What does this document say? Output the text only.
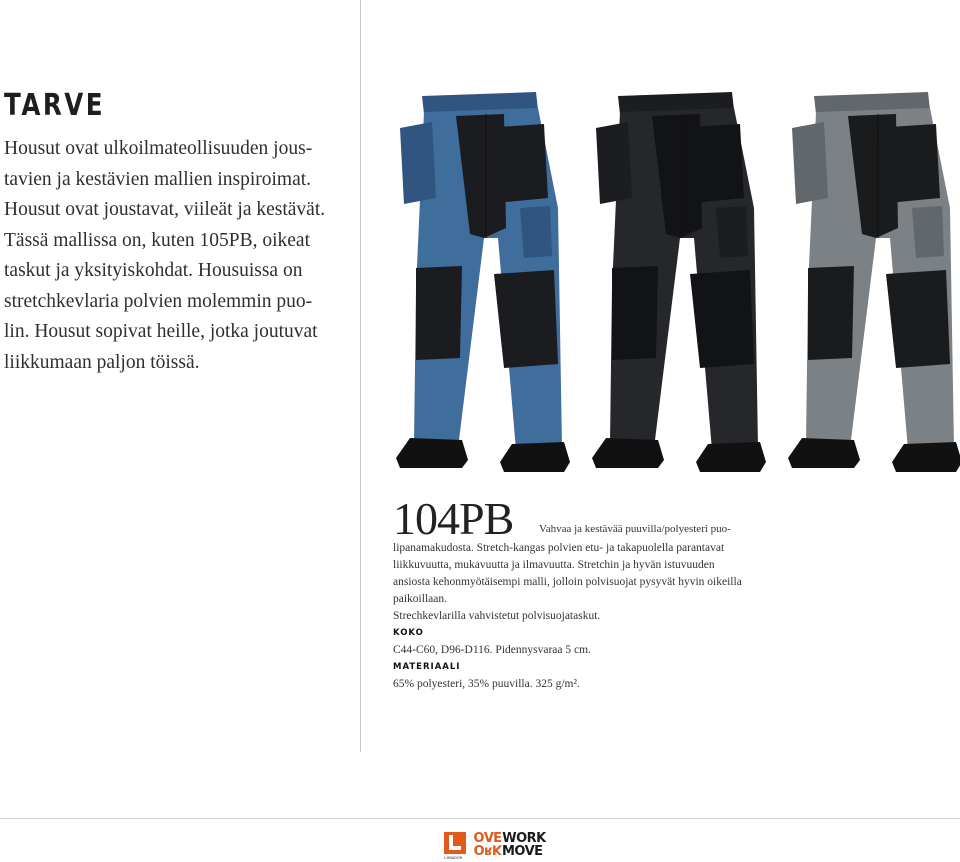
TARVE

Housut ovat ulkoilmateollisuuden jous-
tavien ja kestävien mallien inspiroimat.
Housut ovat joustavat, viileät ja kestävät.
Tässä mallissa on, kuten 105PB, oikeat
taskut ja yksityiskohdat. Housuissa on
stretchkevlaria polvien molemmin puo-
lin. Housut sopivat heille, jotka joutuvat
liikkumaan paljon töissä.

104PB Vahvaa ja kestävää puuvilla/polyesteri puo-
lipanamakudosta. Stretch-kangas polvien etu- ja takapuolella parantavat
liikkuvuutta, mukavuutta ja ilmavuutta. Stretchin ja hyvän istuvuuden
ansiosta kehonmyötäisempi malli, jolloin polvisuojat pysyvät hyvin oikeilla
paikoillaan.
Strechkevlarilla vahvistetut polvisuojataskut.
KOKO
C44-C60, D96-D116. Pidennysvaraa 5 cm.
MATERIAALI
65% polyesteri, 35% puuvilla. 325 g/m².
L.BRADOR
ƎVOWORK
ꓘᴚOMOVE
